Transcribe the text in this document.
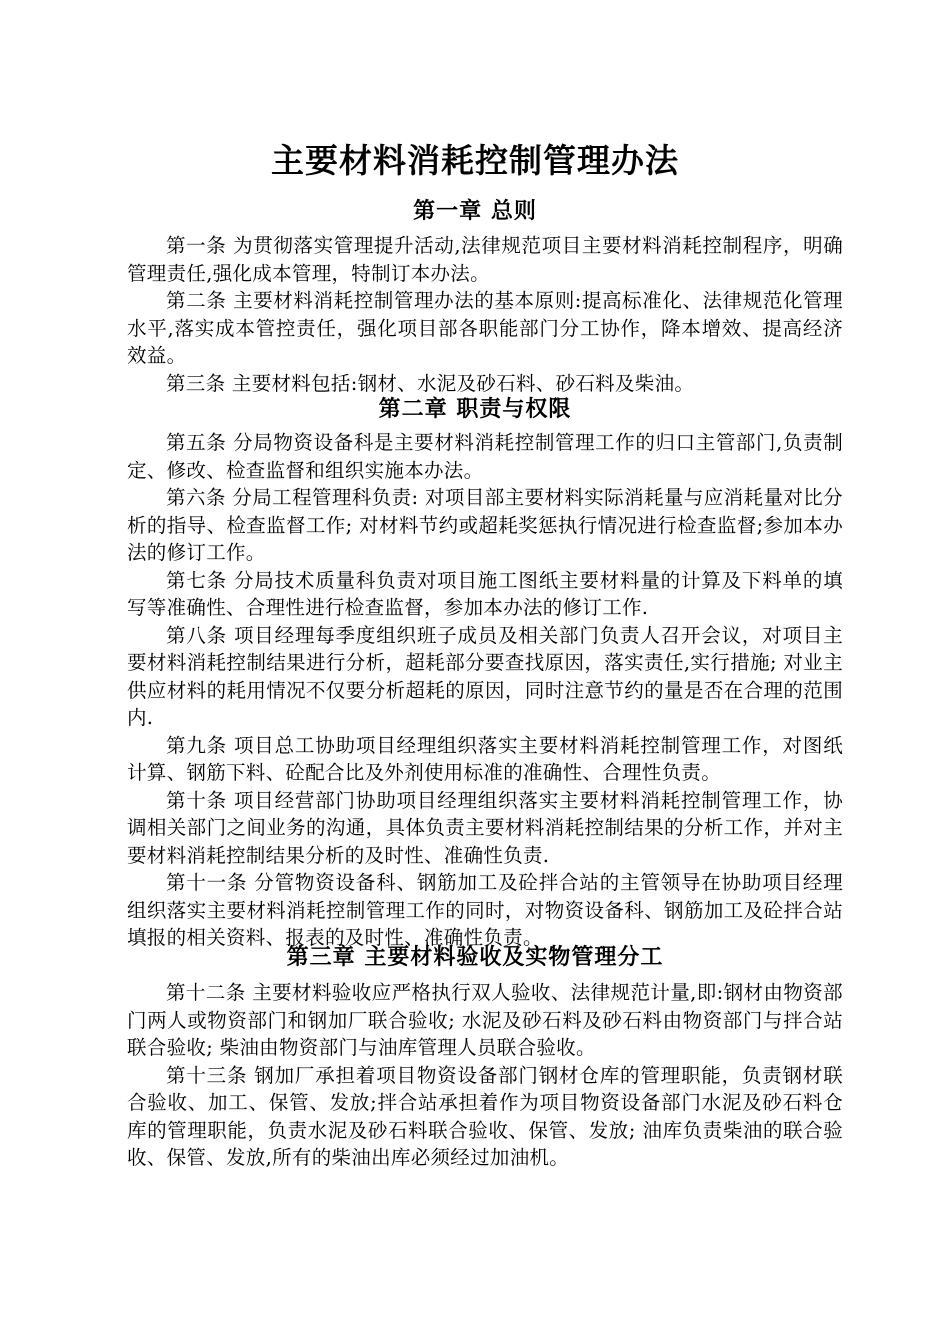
主要材料消耗控制管理办法
第一章 总则

第一条 为贯彻落实管理提升活动,法律规范项目主要材料消耗控制程序，明确管理责任,强化成本管理，特制订本办法。

第二条 主要材料消耗控制管理办法的基本原则:提高标准化、法律规范化管理水平,落实成本管控责任，强化项目部各职能部门分工协作，降本增效、提高经济效益。

第三条 主要材料包括:钢材、水泥及砂石料、砂石料及柴油。

第二章 职责与权限

第五条 分局物资设备科是主要材料消耗控制管理工作的归口主管部门,负责制定、修改、检查监督和组织实施本办法。

第六条 分局工程管理科负责: 对项目部主要材料实际消耗量与应消耗量对比分析的指导、检查监督工作; 对材料节约或超耗奖惩执行情况进行检查监督;参加本办法的修订工作。

第七条 分局技术质量科负责对项目施工图纸主要材料量的计算及下料单的填写等准确性、合理性进行检查监督，参加本办法的修订工作.

第八条 项目经理每季度组织班子成员及相关部门负责人召开会议，对项目主要材料消耗控制结果进行分析，超耗部分要查找原因，落实责任,实行措施; 对业主供应材料的耗用情况不仅要分析超耗的原因，同时注意节约的量是否在合理的范围内.

第九条 项目总工协助项目经理组织落实主要材料消耗控制管理工作，对图纸计算、钢筋下料、砼配合比及外剂使用标准的准确性、合理性负责。

第十条 项目经营部门协助项目经理组织落实主要材料消耗控制管理工作，协调相关部门之间业务的沟通，具体负责主要材料消耗控制结果的分析工作，并对主要材料消耗控制结果分析的及时性、准确性负责.

第十一条 分管物资设备科、钢筋加工及砼拌合站的主管领导在协助项目经理组织落实主要材料消耗控制管理工作的同时，对物资设备科、钢筋加工及砼拌合站填报的相关资料、报表的及时性、准确性负责。

第三章 主要材料验收及实物管理分工

第十二条 主要材料验收应严格执行双人验收、法律规范计量,即:钢材由物资部门两人或物资部门和钢加厂联合验收; 水泥及砂石料及砂石料由物资部门与拌合站联合验收; 柴油由物资部门与油库管理人员联合验收。

第十三条 钢加厂承担着项目物资设备部门钢材仓库的管理职能，负责钢材联合验收、加工、保管、发放;拌合站承担着作为项目物资设备部门水泥及砂石料仓库的管理职能，负责水泥及砂石料联合验收、保管、发放; 油库负责柴油的联合验收、保管、发放,所有的柴油出库必须经过加油机。
